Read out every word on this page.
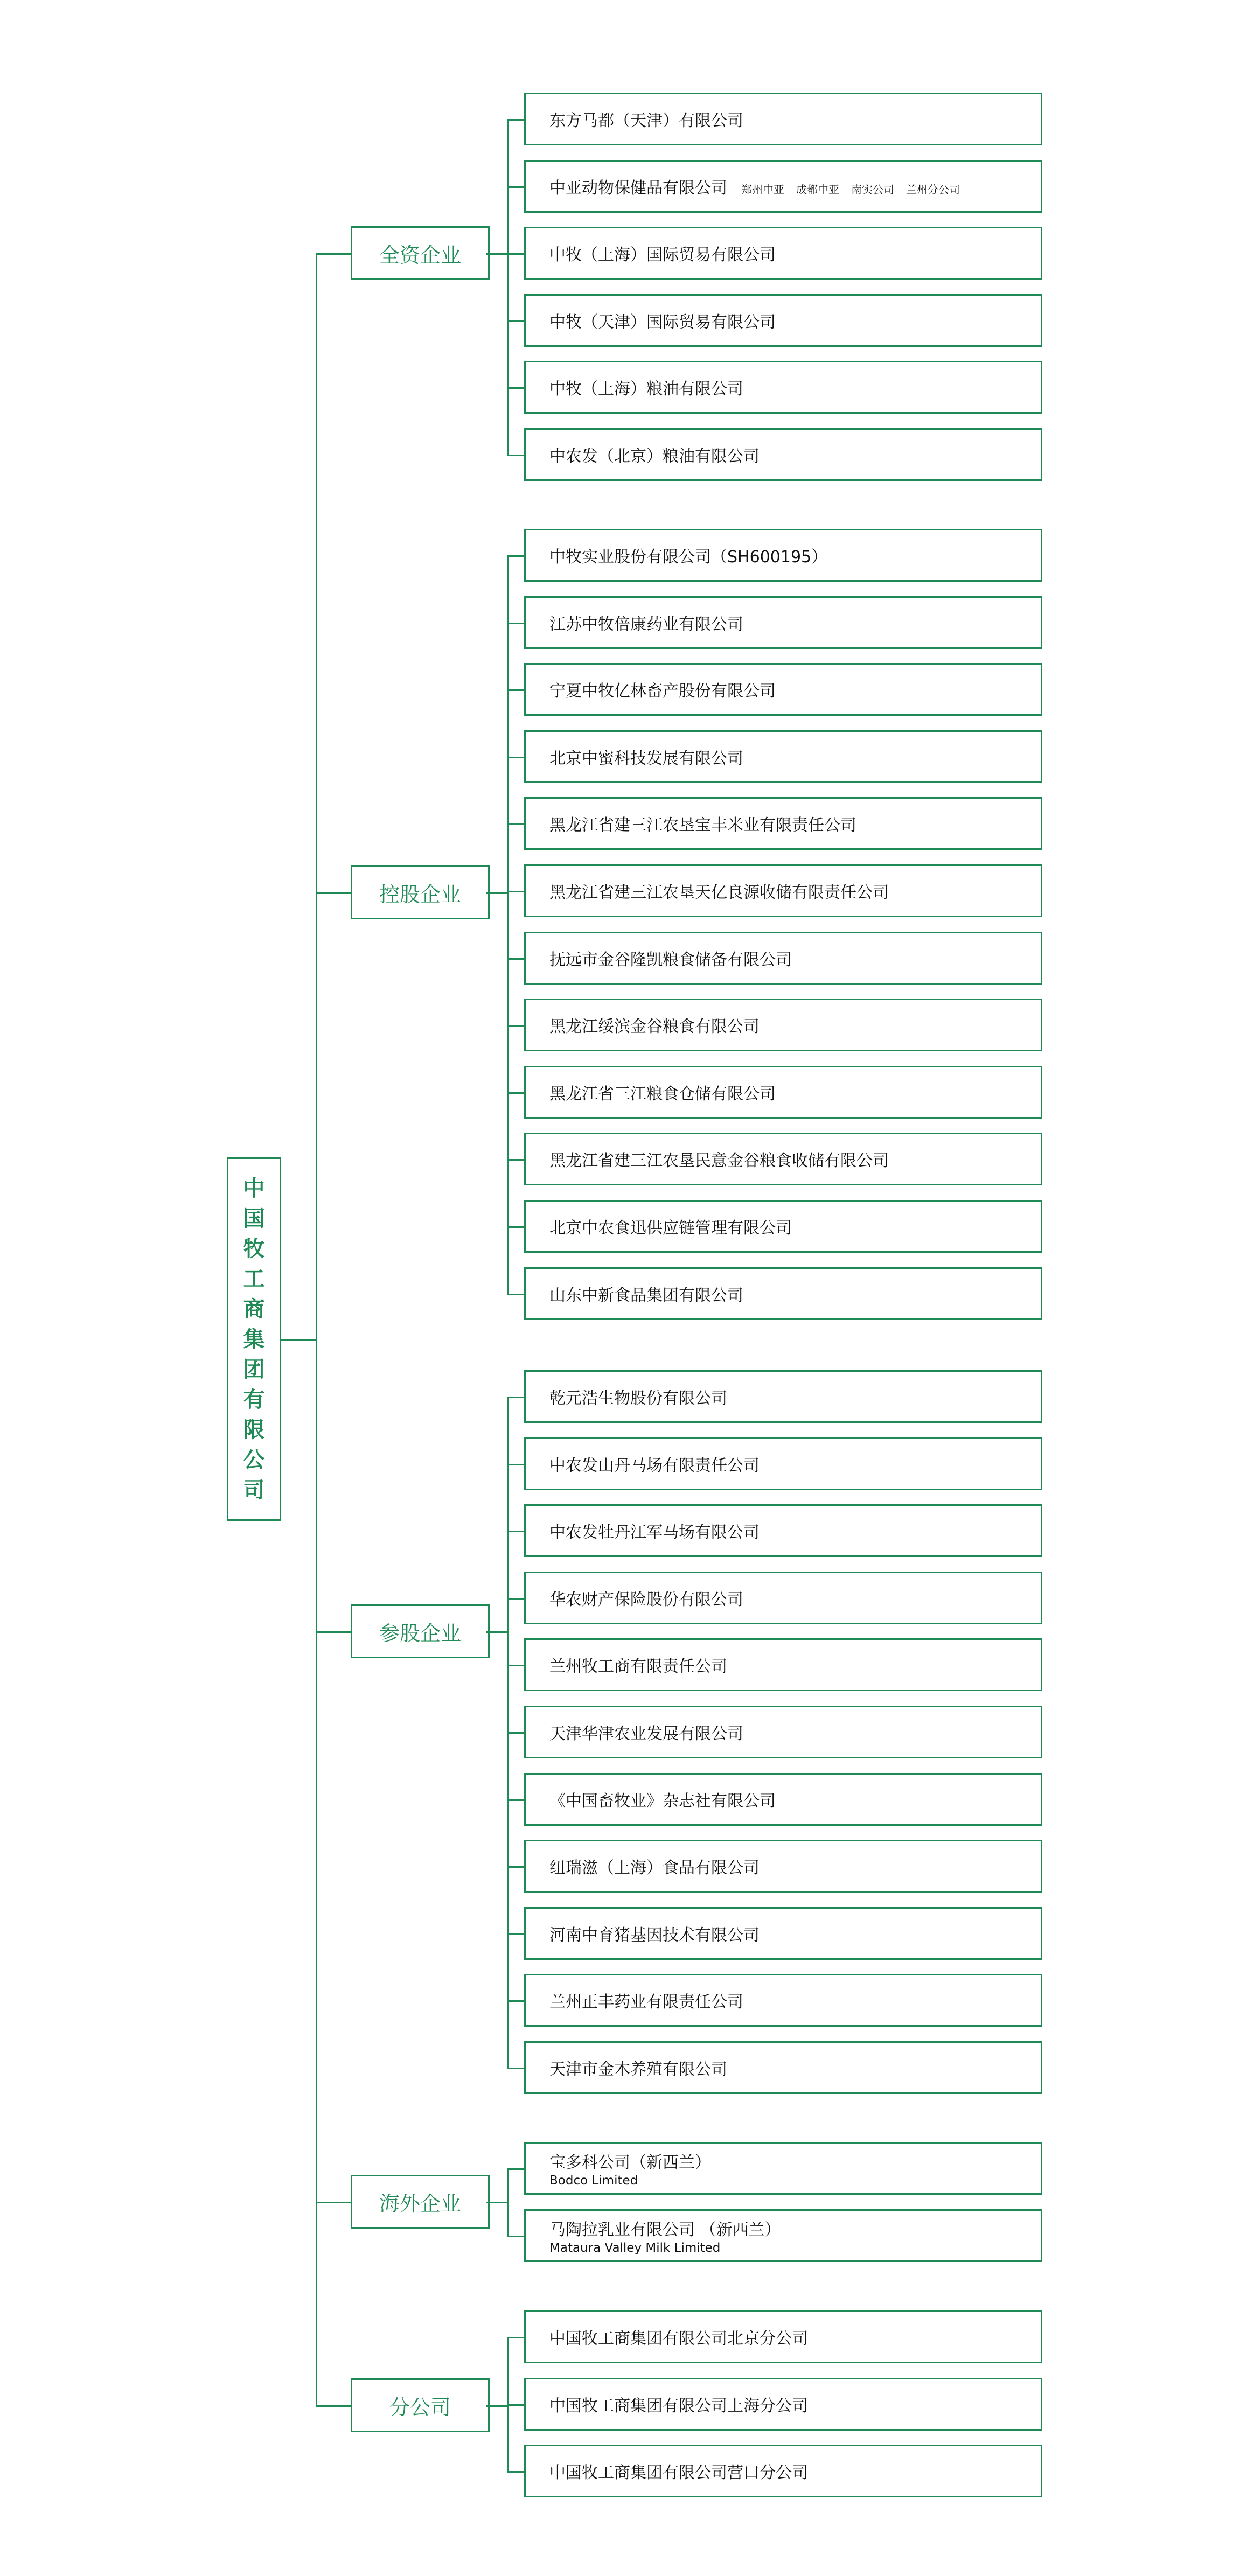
中
国
牧
工
商
集
团
有
限
公
司
全资企业
东方马都（天津）有限公司
中亚动物保健品有限公司 郑州中亚 成都中亚 南实公司 兰州分公司
中牧（上海）国际贸易有限公司
中牧（天津）国际贸易有限公司
中牧（上海）粮油有限公司
中农发（北京）粮油有限公司
控股企业
中牧实业股份有限公司（SH600195）
江苏中牧倍康药业有限公司
宁夏中牧亿林畜产股份有限公司
北京中蜜科技发展有限公司
黑龙江省建三江农垦宝丰米业有限责任公司
黑龙江省建三江农垦天亿良源收储有限责任公司
抚远市金谷隆凯粮食储备有限公司
黑龙江绥滨金谷粮食有限公司
黑龙江省三江粮食仓储有限公司
黑龙江省建三江农垦民意金谷粮食收储有限公司
北京中农食迅供应链管理有限公司
山东中新食品集团有限公司
参股企业
乾元浩生物股份有限公司
中农发山丹马场有限责任公司
中农发牡丹江军马场有限公司
华农财产保险股份有限公司
兰州牧工商有限责任公司
天津华津农业发展有限公司
《中国畜牧业》杂志社有限公司
纽瑞滋（上海）食品有限公司
河南中育猪基因技术有限公司
兰州正丰药业有限责任公司
天津市金木养殖有限公司
海外企业
宝多科公司（新西兰）
Bodco Limited
马陶拉乳业有限公司 （新西兰）
Mataura Valley Milk Limited
分公司
中国牧工商集团有限公司北京分公司
中国牧工商集团有限公司上海分公司
中国牧工商集团有限公司营口分公司
